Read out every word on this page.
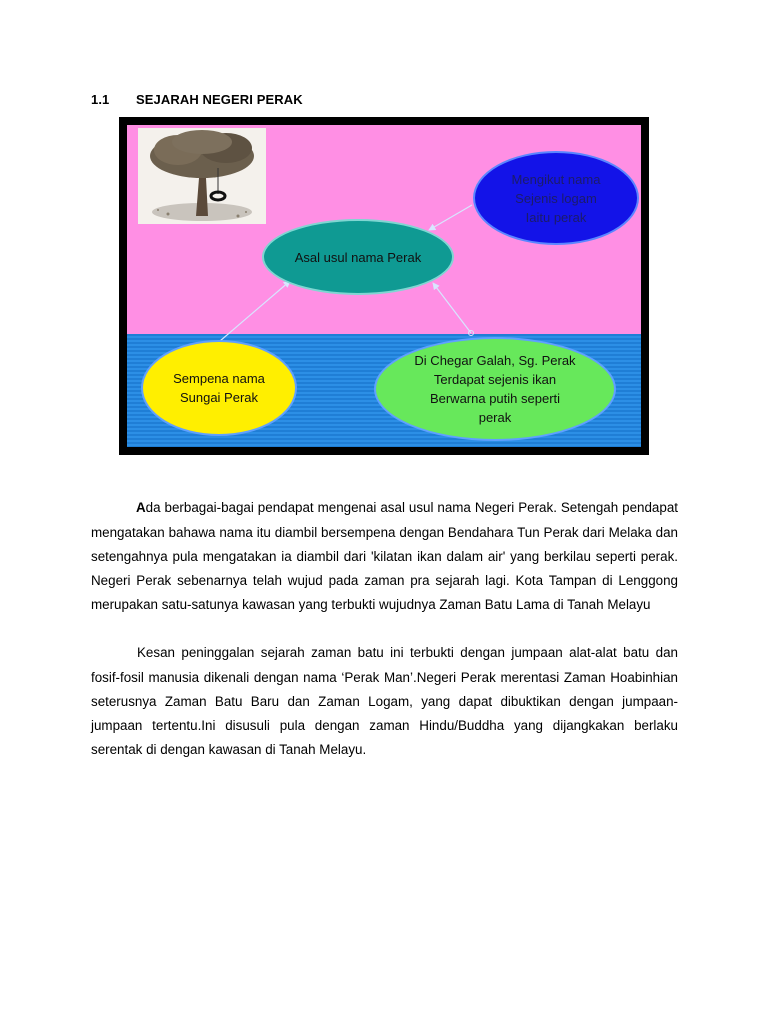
1.1 SEJARAH NEGERI PERAK
Mengikut nama
Sejenis logam
Iaitu perak
Asal usul nama Perak
Sempena nama
Sungai Perak
Di Chegar Galah, Sg. Perak
Terdapat sejenis ikan
Berwarna putih seperti
perak

Ada berbagai-bagai pendapat mengenai asal usul nama Negeri Perak. Setengah pendapat mengatakan bahawa nama itu diambil bersempena dengan Bendahara Tun Perak dari Melaka dan setengahnya pula mengatakan ia diambil dari 'kilatan ikan dalam air' yang berkilau seperti perak. Negeri Perak sebenarnya telah wujud pada zaman pra sejarah lagi. Kota Tampan di Lenggong merupakan satu-satunya kawasan yang terbukti wujudnya Zaman Batu Lama di Tanah Melayu

Kesan peninggalan sejarah zaman batu ini terbukti dengan jumpaan alat-alat batu dan fosif-fosil manusia dikenali dengan nama ‘Perak Man’.Negeri Perak merentasi Zaman Hoabinhian seterusnya Zaman Batu Baru dan Zaman Logam, yang dapat dibuktikan dengan jumpaan-jumpaan tertentu.Ini disusuli pula dengan zaman Hindu/Buddha yang dijangkakan berlaku serentak di dengan kawasan di Tanah Melayu.
